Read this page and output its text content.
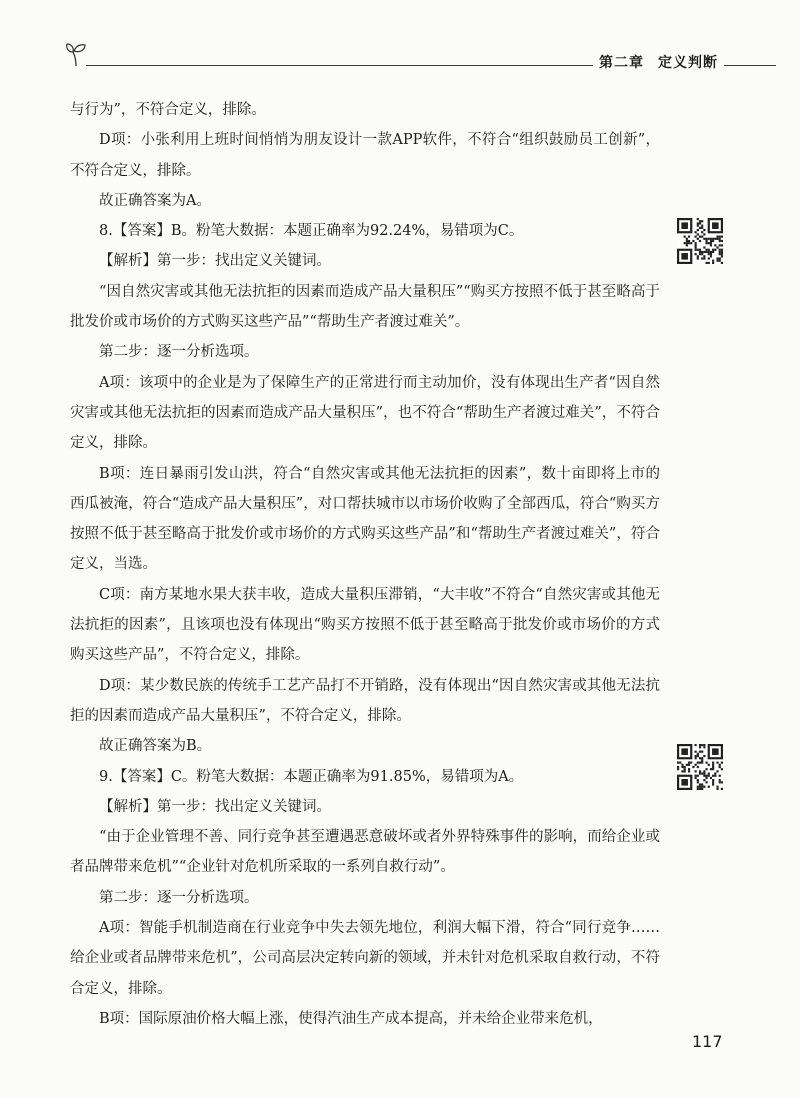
第二章 定义判断

与行为”，不符合定义，排除。

D项：小张利用上班时间悄悄为朋友设计一款APP软件，不符合“组织鼓励员工创新”，不符合定义，排除。

故正确答案为A。

8.【答案】B。粉笔大数据：本题正确率为92.24%，易错项为C。

【解析】第一步：找出定义关键词。

“因自然灾害或其他无法抗拒的因素而造成产品大量积压”“购买方按照不低于甚至略高于批发价或市场价的方式购买这些产品”“帮助生产者渡过难关”。

第二步：逐一分析选项。

A项：该项中的企业是为了保障生产的正常进行而主动加价，没有体现出生产者“因自然灾害或其他无法抗拒的因素而造成产品大量积压”，也不符合“帮助生产者渡过难关”，不符合定义，排除。

B项：连日暴雨引发山洪，符合“自然灾害或其他无法抗拒的因素”，数十亩即将上市的西瓜被淹，符合“造成产品大量积压”，对口帮扶城市以市场价收购了全部西瓜，符合“购买方按照不低于甚至略高于批发价或市场价的方式购买这些产品”和“帮助生产者渡过难关”，符合定义，当选。

C项：南方某地水果大获丰收，造成大量积压滞销，“大丰收”不符合“自然灾害或其他无法抗拒的因素”，且该项也没有体现出“购买方按照不低于甚至略高于批发价或市场价的方式购买这些产品”，不符合定义，排除。

D项：某少数民族的传统手工艺产品打不开销路，没有体现出“因自然灾害或其他无法抗拒的因素而造成产品大量积压”，不符合定义，排除。

故正确答案为B。

9.【答案】C。粉笔大数据：本题正确率为91.85%，易错项为A。

【解析】第一步：找出定义关键词。

“由于企业管理不善、同行竞争甚至遭遇恶意破坏或者外界特殊事件的影响，而给企业或者品牌带来危机”“企业针对危机所采取的一系列自救行动”。

第二步：逐一分析选项。

A项：智能手机制造商在行业竞争中失去领先地位，利润大幅下滑，符合“同行竞争……给企业或者品牌带来危机”，公司高层决定转向新的领域，并未针对危机采取自救行动，不符合定义，排除。

B项：国际原油价格大幅上涨，使得汽油生产成本提高，并未给企业带来危机，

117
